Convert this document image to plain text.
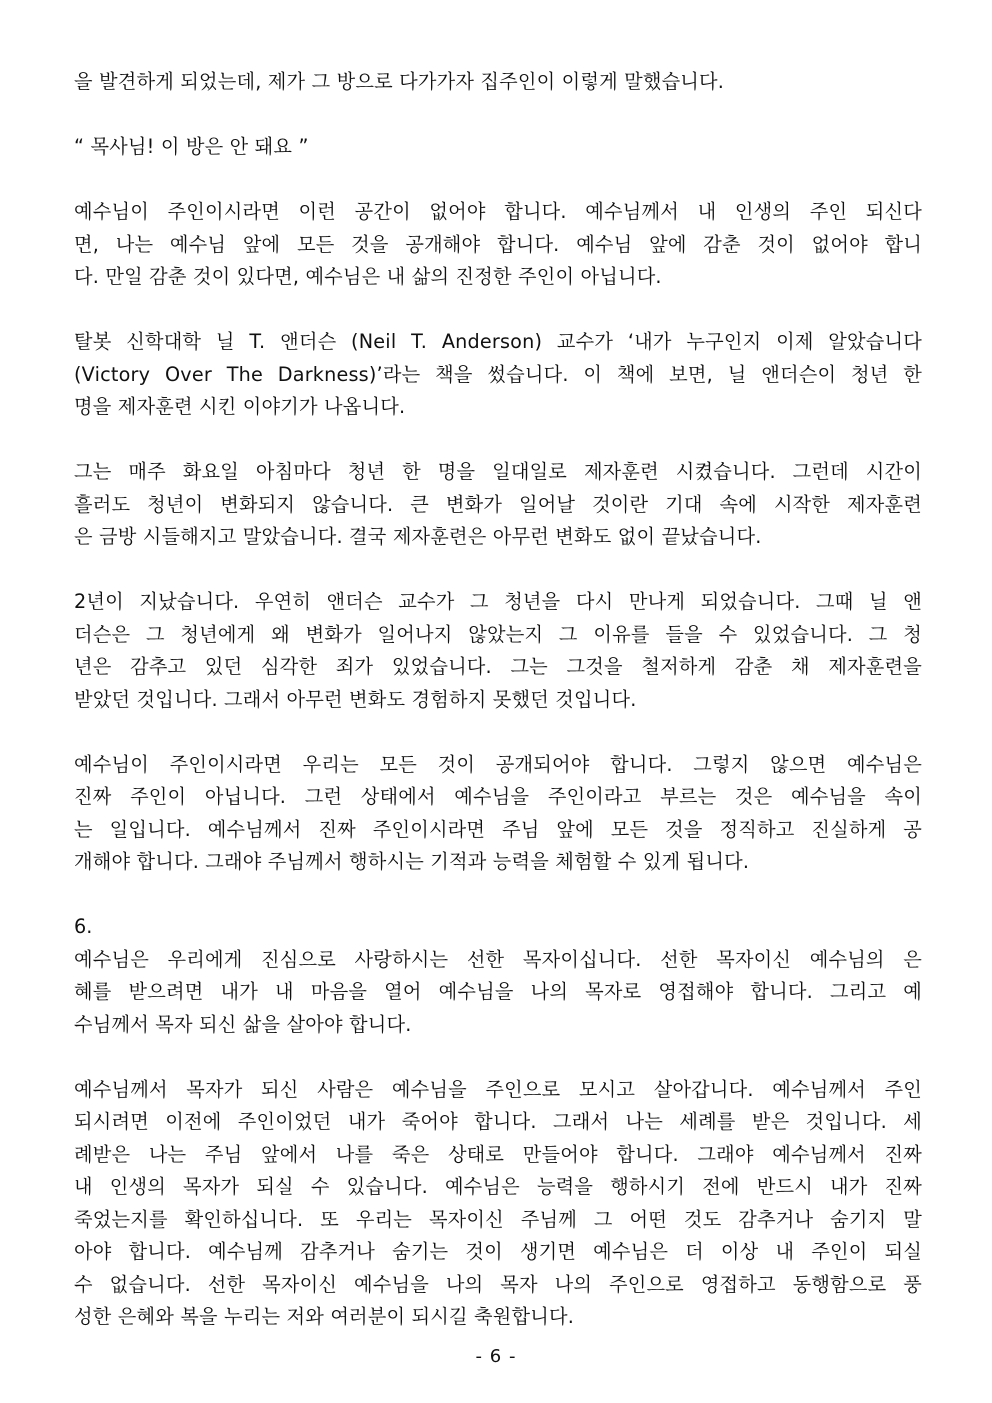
을 발견하게 되었는데, 제가 그 방으로 다가가자 집주인이 이렇게 말했습니다.
“ 목사님! 이 방은 안 돼요 ”
예수님이 주인이시라면 이런 공간이 없어야 합니다. 예수님께서 내 인생의 주인 되신다
면, 나는 예수님 앞에 모든 것을 공개해야 합니다. 예수님 앞에 감춘 것이 없어야 합니
다. 만일 감춘 것이 있다면, 예수님은 내 삶의 진정한 주인이 아닙니다.
탈봇 신학대학 닐 T. 앤더슨 (Neil T. Anderson) 교수가 ‘내가 누구인지 이제 알았습니다
(Victory Over The Darkness)’라는 책을 썼습니다. 이 책에 보면, 닐 앤더슨이 청년 한
명을 제자훈련 시킨 이야기가 나옵니다.
그는 매주 화요일 아침마다 청년 한 명을 일대일로 제자훈련 시켰습니다. 그런데 시간이
흘러도 청년이 변화되지 않습니다. 큰 변화가 일어날 것이란 기대 속에 시작한 제자훈련
은 금방 시들해지고 말았습니다. 결국 제자훈련은 아무런 변화도 없이 끝났습니다.
2년이 지났습니다. 우연히 앤더슨 교수가 그 청년을 다시 만나게 되었습니다. 그때 닐 앤
더슨은 그 청년에게 왜 변화가 일어나지 않았는지 그 이유를 들을 수 있었습니다. 그 청
년은 감추고 있던 심각한 죄가 있었습니다. 그는 그것을 철저하게 감춘 채 제자훈련을
받았던 것입니다. 그래서 아무런 변화도 경험하지 못했던 것입니다.
예수님이 주인이시라면 우리는 모든 것이 공개되어야 합니다. 그렇지 않으면 예수님은
진짜 주인이 아닙니다. 그런 상태에서 예수님을 주인이라고 부르는 것은 예수님을 속이
는 일입니다. 예수님께서 진짜 주인이시라면 주님 앞에 모든 것을 정직하고 진실하게 공
개해야 합니다. 그래야 주님께서 행하시는 기적과 능력을 체험할 수 있게 됩니다.
6.
예수님은 우리에게 진심으로 사랑하시는 선한 목자이십니다. 선한 목자이신 예수님의 은
혜를 받으려면 내가 내 마음을 열어 예수님을 나의 목자로 영접해야 합니다. 그리고 예
수님께서 목자 되신 삶을 살아야 합니다.
예수님께서 목자가 되신 사람은 예수님을 주인으로 모시고 살아갑니다. 예수님께서 주인
되시려면 이전에 주인이었던 내가 죽어야 합니다. 그래서 나는 세례를 받은 것입니다. 세
례받은 나는 주님 앞에서 나를 죽은 상태로 만들어야 합니다. 그래야 예수님께서 진짜
내 인생의 목자가 되실 수 있습니다. 예수님은 능력을 행하시기 전에 반드시 내가 진짜
죽었는지를 확인하십니다. 또 우리는 목자이신 주님께 그 어떤 것도 감추거나 숨기지 말
아야 합니다. 예수님께 감추거나 숨기는 것이 생기면 예수님은 더 이상 내 주인이 되실
수 없습니다. 선한 목자이신 예수님을 나의 목자 나의 주인으로 영접하고 동행함으로 풍
성한 은혜와 복을 누리는 저와 여러분이 되시길 축원합니다.
- 6 -
